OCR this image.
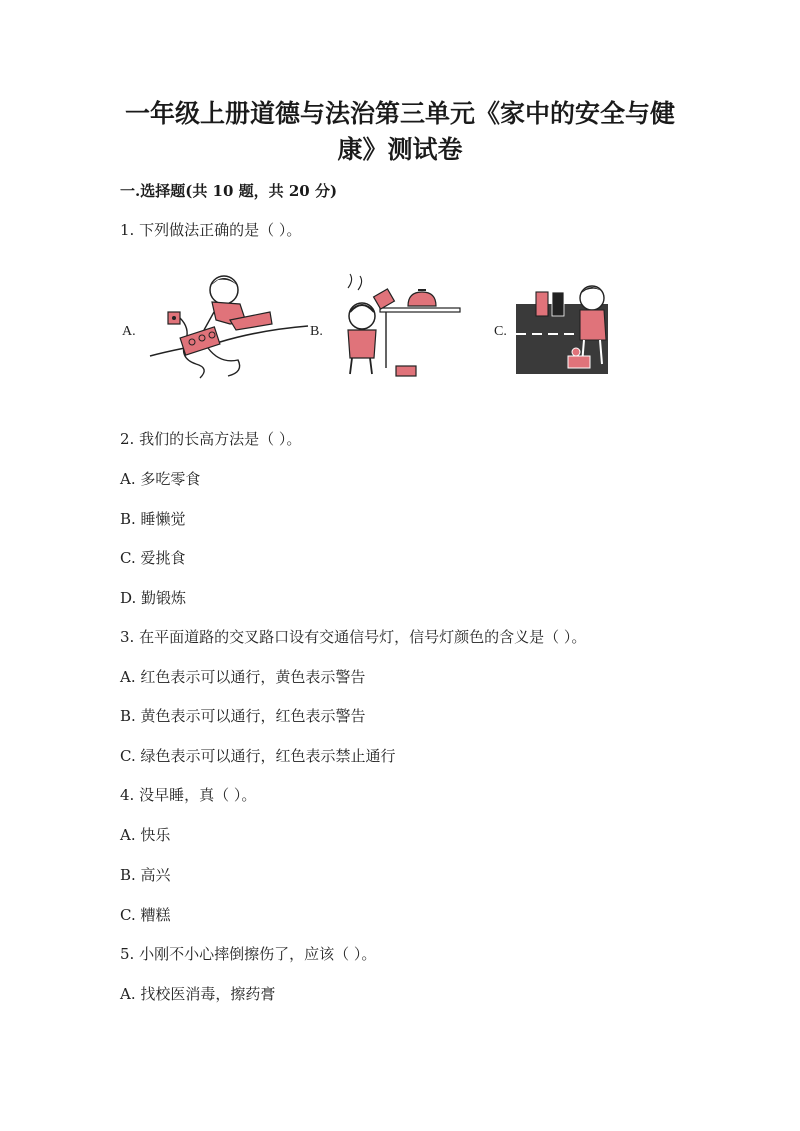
一年级上册道德与法治第三单元《家中的安全与健康》测试卷
一.选择题(共 10 题，共 20 分)
1. 下列做法正确的是（ ）。
A.	B.	C.
2. 我们的长高方法是（ ）。
A. 多吃零食
B. 睡懒觉
C. 爱挑食
D. 勤锻炼
3. 在平面道路的交叉路口设有交通信号灯，信号灯颜色的含义是（ ）。
A. 红色表示可以通行，黄色表示警告
B. 黄色表示可以通行，红色表示警告
C. 绿色表示可以通行，红色表示禁止通行
4. 没早睡，真（ ）。
A. 快乐
B. 高兴
C. 糟糕
5. 小刚不小心摔倒擦伤了，应该（ ）。
A. 找校医消毒，擦药膏
